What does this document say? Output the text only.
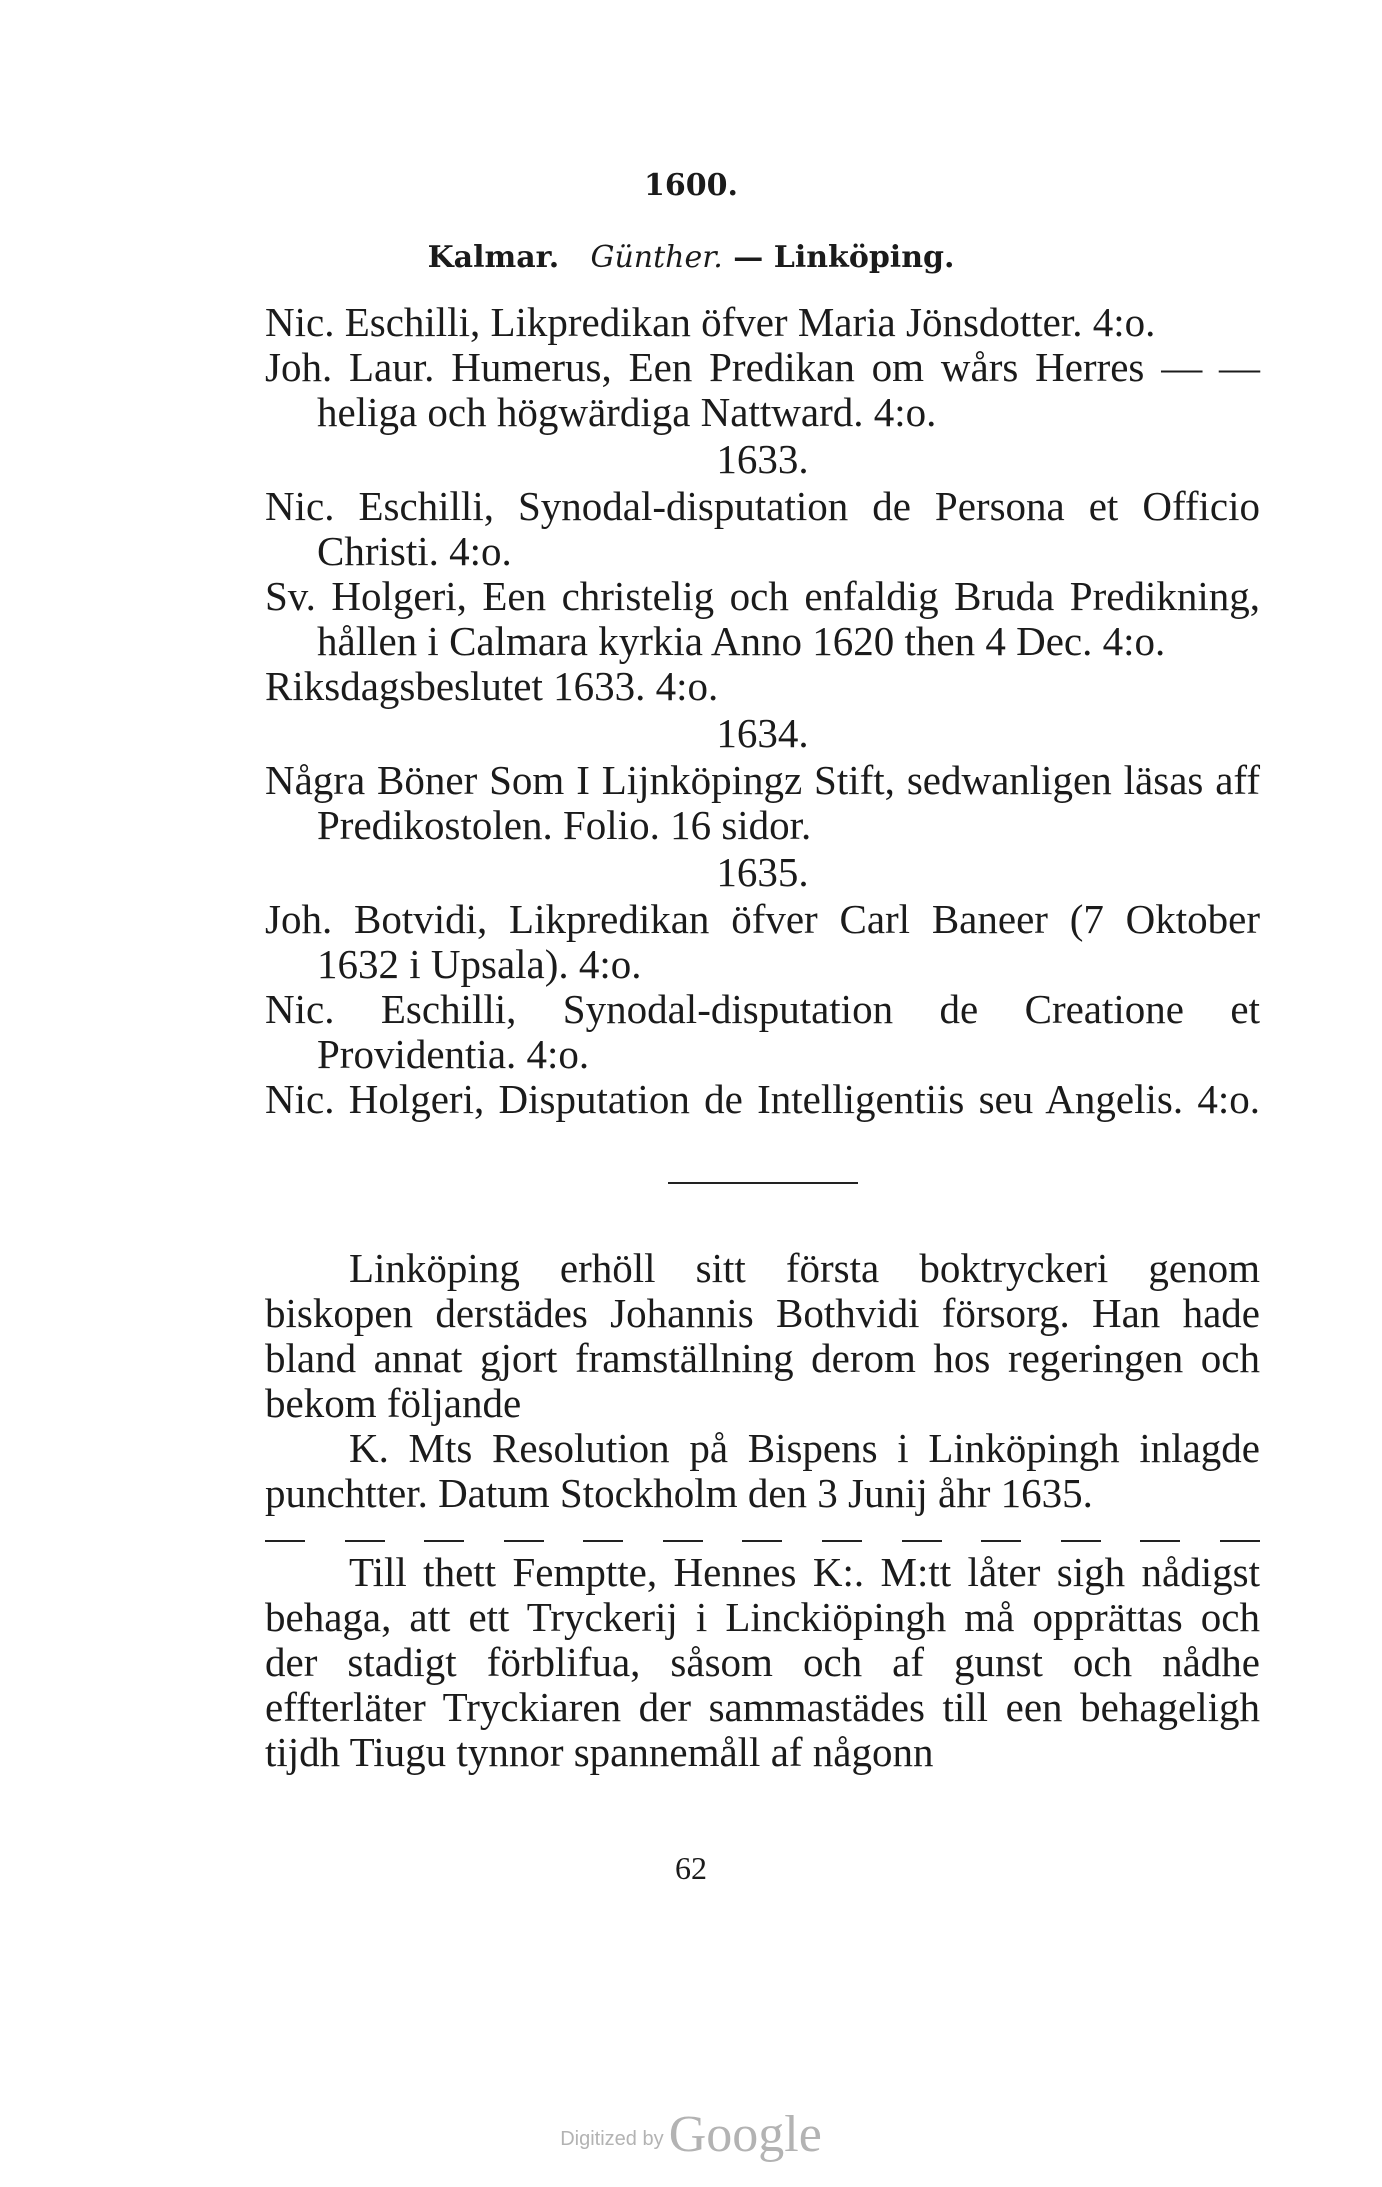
1600.
Kalmar. Günther. — Linköping.
Nic. Eschilli, Likpredikan öfver Maria Jönsdotter. 4:o.
Joh. Laur. Humerus, Een Predikan om wårs Herres — — heliga och högwärdiga Nattward. 4:o.
1633.
Nic. Eschilli, Synodal-disputation de Persona et Officio Christi. 4:o.
Sv. Holgeri, Een christelig och enfaldig Bruda Predikning, hållen i Calmara kyrkia Anno 1620 then 4 Dec. 4:o.
Riksdagsbeslutet 1633. 4:o.
1634.
Några Böner Som I Lijnköpingz Stift, sedwanligen läsas aff Predikostolen. Folio. 16 sidor.
1635.
Joh. Botvidi, Likpredikan öfver Carl Baneer (7 Oktober 1632 i Upsala). 4:o.
Nic. Eschilli, Synodal-disputation de Creatione et Providentia. 4:o.
Nic. Holgeri, Disputation de Intelligentiis seu Angelis. 4:o.
Linköping erhöll sitt första boktryckeri genom biskopen derstädes Johannis Bothvidi försorg. Han hade bland annat gjort framställning derom hos regeringen och bekom följande
K. Mts Resolution på Bispens i Linköpingh inlagde punchtter. Datum Stockholm den 3 Junij åhr 1635.
Till thett Femptte, Hennes K:. M:tt låter sigh nådigst behaga, att ett Tryckerij i Linckiöpingh må opprättas och der stadigt förblifua, såsom och af gunst och nådhe effterläter Tryckiaren der sammastädes till een behageligh tijdh Tiugu tynnor spannemåll af någonn
62
Digitized by Google
